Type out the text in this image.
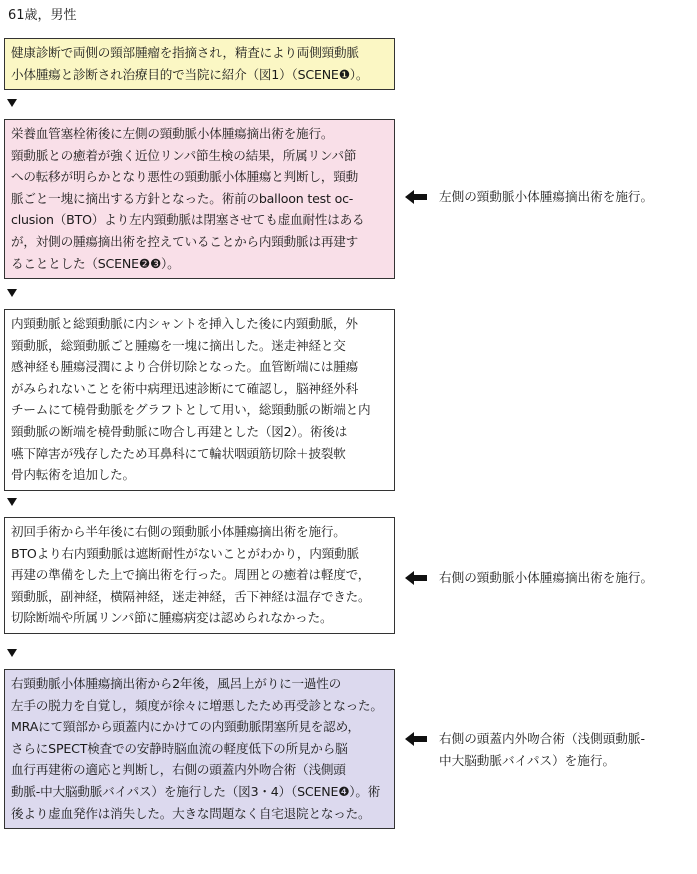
61歳，男性
健康診断で両側の頸部腫瘤を指摘され，精査により両側頸動脈
小体腫瘍と診断され治療目的で当院に紹介（図1）（SCENE❶）。
栄養血管塞栓術後に左側の頸動脈小体腫瘍摘出術を施行。
頸動脈との癒着が強く近位リンパ節生検の結果，所属リンパ節
への転移が明らかとなり悪性の頸動脈小体腫瘍と判断し，頸動
脈ごと一塊に摘出する方針となった。術前のballoon test oc-
clusion（BTO）より左内頸動脈は閉塞させても虚血耐性はある
が，対側の腫瘍摘出術を控えていることから内頸動脈は再建す
ることとした（SCENE❷❸）。
左側の頸動脈小体腫瘍摘出術を施行。
内頸動脈と総頸動脈に内シャントを挿入した後に内頸動脈，外
頸動脈，総頸動脈ごと腫瘍を一塊に摘出した。迷走神経と交
感神経も腫瘍浸潤により合併切除となった。血管断端には腫瘍
がみられないことを術中病理迅速診断にて確認し，脳神経外科
チームにて橈骨動脈をグラフトとして用い，総頸動脈の断端と内
頸動脈の断端を橈骨動脈に吻合し再建とした（図2）。術後は
嚥下障害が残存したため耳鼻科にて輪状咽頭筋切除＋披裂軟
骨内転術を追加した。
初回手術から半年後に右側の頸動脈小体腫瘍摘出術を施行。
BTOより右内頸動脈は遮断耐性がないことがわかり，内頸動脈
再建の準備をした上で摘出術を行った。周囲との癒着は軽度で，
頸動脈，副神経，横隔神経，迷走神経，舌下神経は温存できた。
切除断端や所属リンパ節に腫瘍病変は認められなかった。
右側の頸動脈小体腫瘍摘出術を施行。
右頸動脈小体腫瘍摘出術から2年後，風呂上がりに一過性の
左手の脱力を自覚し，頻度が徐々に増悪したため再受診となった。
MRAにて頸部から頭蓋内にかけての内頸動脈閉塞所見を認め，
さらにSPECT検査での安静時脳血流の軽度低下の所見から脳
血行再建術の適応と判断し，右側の頭蓋内外吻合術（浅側頭
動脈‐中大脳動脈バイパス）を施行した（図3・4）（SCENE❹）。術
後より虚血発作は消失した。大きな問題なく自宅退院となった。
右側の頭蓋内外吻合術（浅側頭動脈‐
中大脳動脈バイパス）を施行。
